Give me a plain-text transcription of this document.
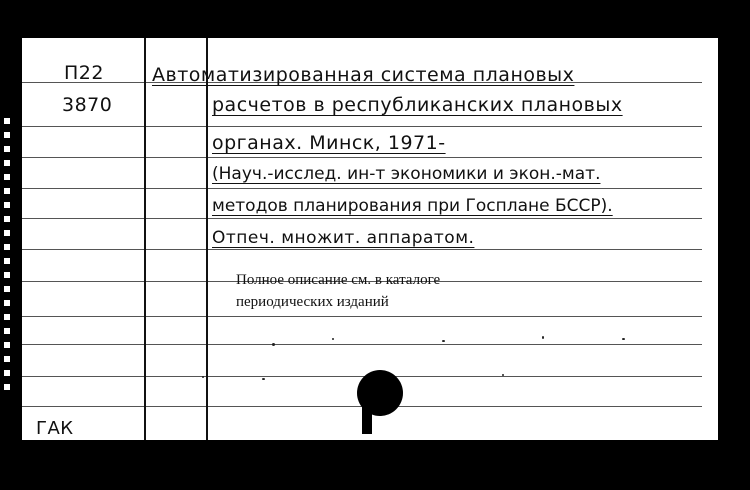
П22
3870
Автоматизированная система плановых
расчетов в республиканских плановых
органах. Минск, 1971-
(Науч.-исслед. ин-т экономики и экон.-мат.
методов планирования при Госплане БССР).
Отпеч. множит. аппаратом.
Полное описание см. в каталоге
периодических изданий
ГАК
